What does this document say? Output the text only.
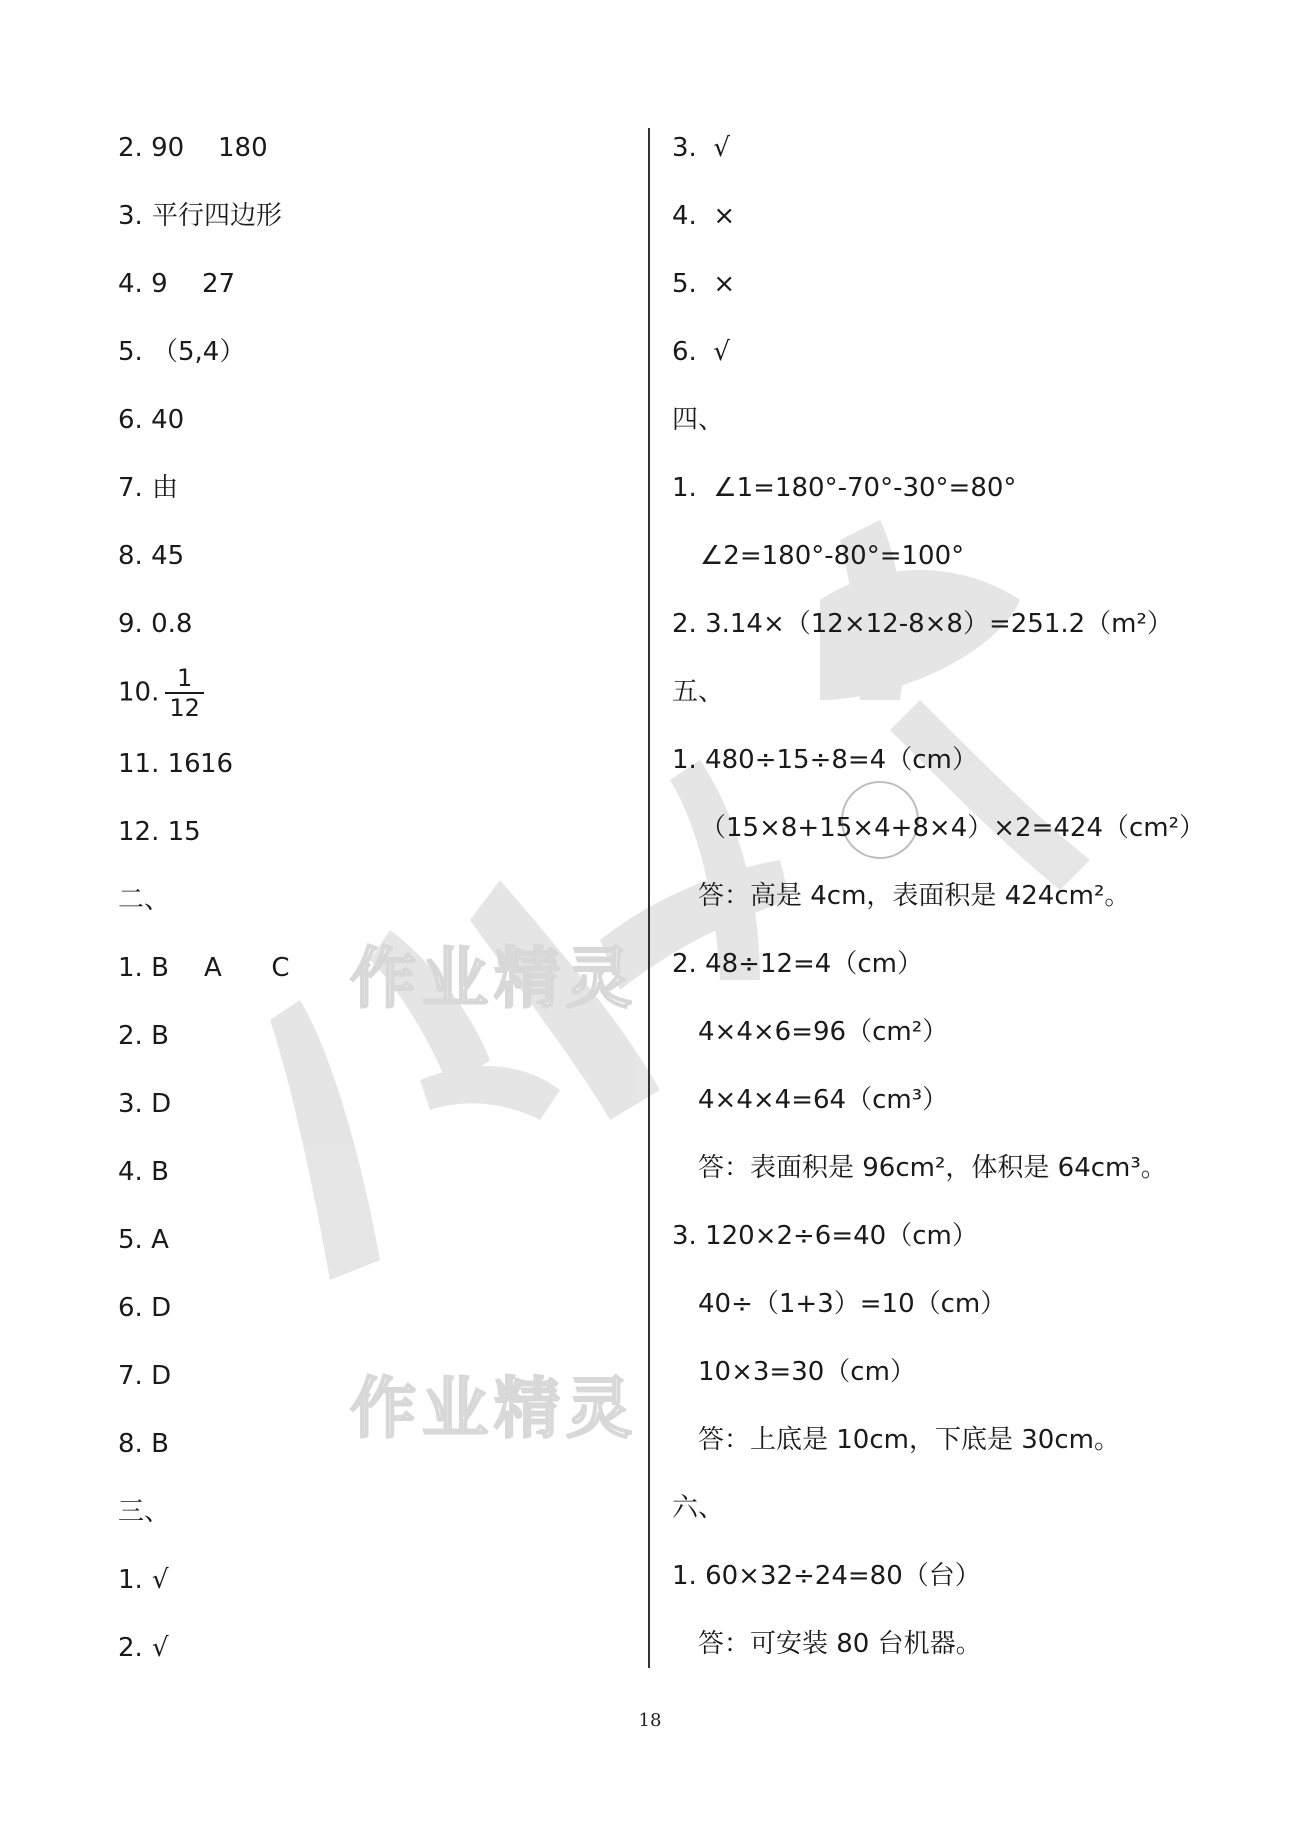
作业精灵
作业精灵
2. 90 180
3. 平行四边形
4. 9 27
5. （5,4）
6. 40
7. 由
8. 45
9. 0.8
10. $\frac{1}{12}$
11. 16 16
12. 15
二、
1. B A      C
2. B
3. D
4. B
5. A
6. D
7. D
8. B
三、
1. √
2. √
3.  √
4.  ×
5.  ×
6.  √
四、
1.  ∠1=180°-70°-30°=80°
∠2=180°-80°=100°
2. 3.14×（12×12-8×8）=251.2（m²）
五、
1. 480÷15÷8=4（cm）
（15×8+15×4+8×4）×2=424（cm²）
答：高是 4cm，表面积是 424cm²。
2. 48÷12=4（cm）
4×4×6=96（cm²）
4×4×4=64（cm³）
答：表面积是 96cm²，体积是 64cm³。
3. 120×2÷6=40（cm）
40÷（1+3）=10（cm）
10×3=30（cm）
答：上底是 10cm，下底是 30cm。
六、
1. 60×32÷24=80（台）
答：可安装 80 台机器。
18
